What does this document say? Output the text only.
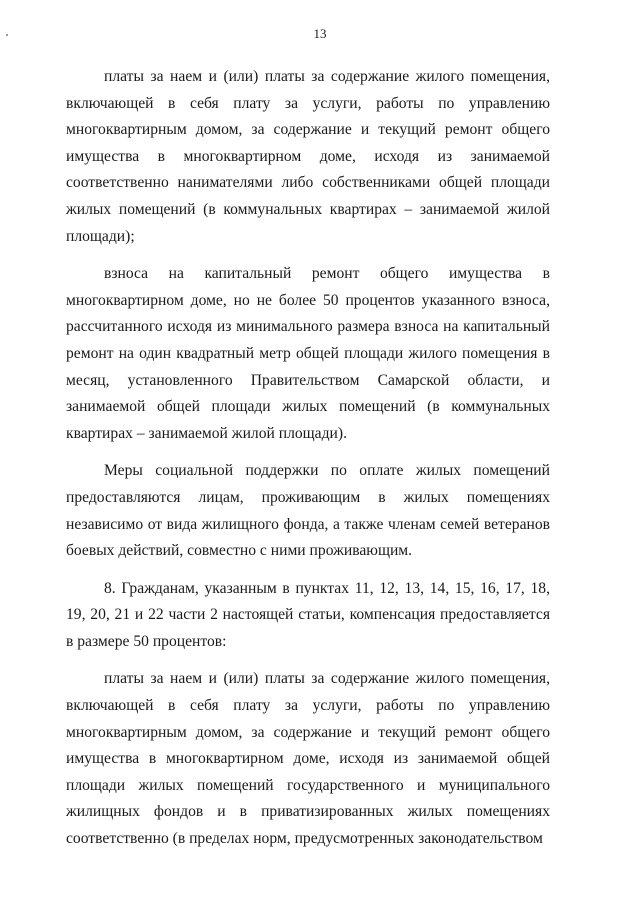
13

платы за наем и (или) платы за содержание жилого помещения, включающей в себя плату за услуги, работы по управлению многоквартирным домом, за содержание и текущий ремонт общего имущества в многоквартирном доме, исходя из занимаемой соответственно нанимателями либо собственниками общей площади жилых помещений (в коммунальных квартирах – занимаемой жилой площади);

взноса на капитальный ремонт общего имущества в многоквартирном доме, но не более 50 процентов указанного взноса, рассчитанного исходя из минимального размера взноса на капитальный ремонт на один квадратный метр общей площади жилого помещения в месяц, установленного Правительством Самарской области, и занимаемой общей площади жилых помещений (в коммунальных квартирах – занимаемой жилой площади).

Меры социальной поддержки по оплате жилых помещений предоставляются лицам, проживающим в жилых помещениях независимо от вида жилищного фонда, а также членам семей ветеранов боевых действий, совместно с ними проживающим.

8. Гражданам, указанным в пунктах 11, 12, 13, 14, 15, 16, 17, 18, 19, 20, 21 и 22 части 2 настоящей статьи, компенсация предоставляется в размере 50 процентов:

платы за наем и (или) платы за содержание жилого помещения, включающей в себя плату за услуги, работы по управлению многоквартирным домом, за содержание и текущий ремонт общего имущества в многоквартирном доме, исходя из занимаемой общей площади жилых помещений государственного и муниципального жилищных фондов и в приватизированных жилых помещениях соответственно (в пределах норм, предусмотренных законодательством
